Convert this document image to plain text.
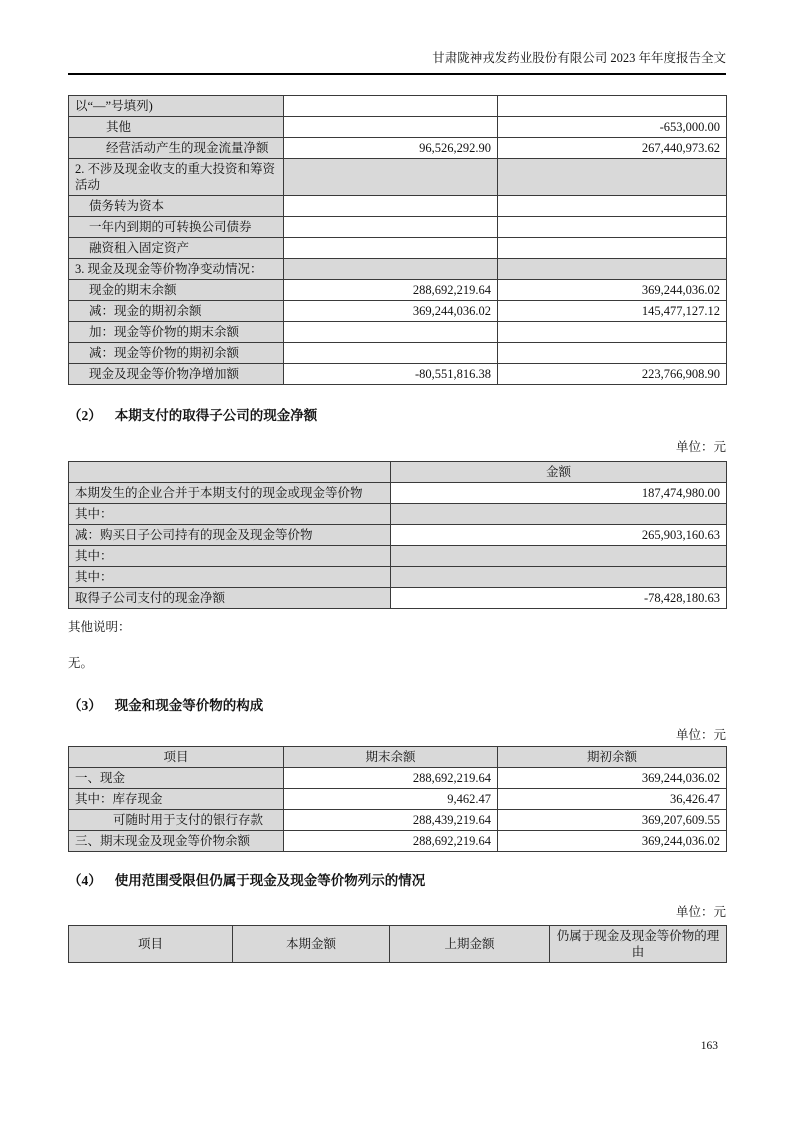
甘肃陇神戎发药业股份有限公司 2023 年年度报告全文
以“—”号填列)		
其他		-653,000.00
经营活动产生的现金流量净额	96,526,292.90	267,440,973.62
2. 不涉及现金收支的重大投资和筹资活动		
债务转为资本		
一年内到期的可转换公司债券		
融资租入固定资产		
3. 现金及现金等价物净变动情况：		
现金的期末余额	288,692,219.64	369,244,036.02
减：现金的期初余额	369,244,036.02	145,477,127.12
加：现金等价物的期末余额		
减：现金等价物的期初余额		
现金及现金等价物净增加额	-80,551,816.38	223,766,908.90
（2） 本期支付的取得子公司的现金净额
单位：元
	金额
本期发生的企业合并于本期支付的现金或现金等价物	187,474,980.00
其中：	
减：购买日子公司持有的现金及现金等价物	265,903,160.63
其中：	
其中：	
取得子公司支付的现金净额	-78,428,180.63
其他说明：
无。
（3） 现金和现金等价物的构成
单位：元
项目	期末余额	期初余额
一、现金	288,692,219.64	369,244,036.02
其中：库存现金	9,462.47	36,426.47
可随时用于支付的银行存款	288,439,219.64	369,207,609.55
三、期末现金及现金等价物余额	288,692,219.64	369,244,036.02
（4） 使用范围受限但仍属于现金及现金等价物列示的情况
单位：元
项目	本期金额	上期金额	仍属于现金及现金等价物的理由
163
